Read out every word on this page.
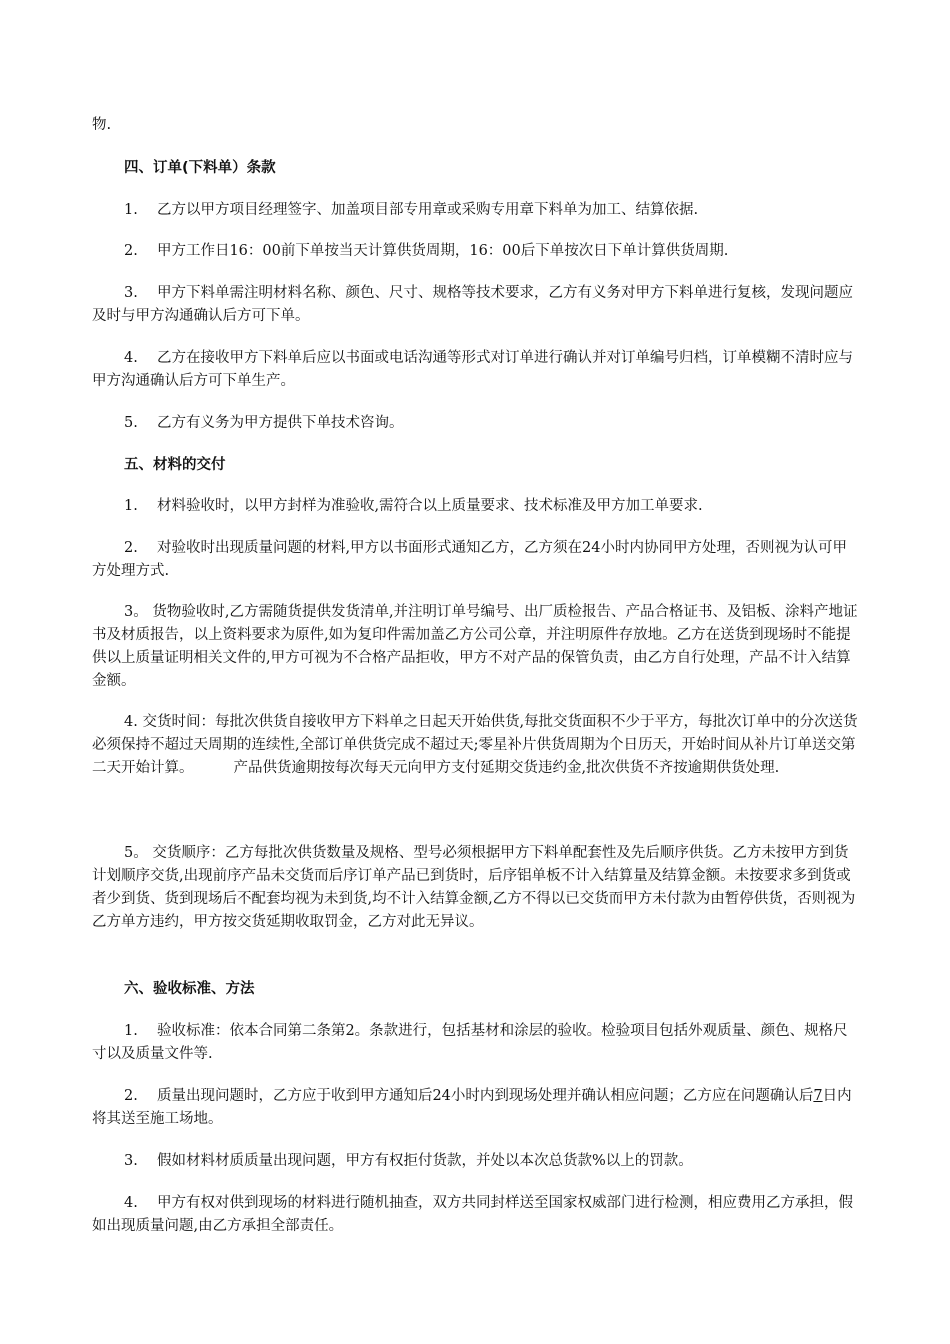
物.

四、订单(下料单）条款

1.　 乙方以甲方项目经理签字、加盖项目部专用章或采购专用章下料单为加工、结算依据.

2.　 甲方工作日16：00前下单按当天计算供货周期，16：00后下单按次日下单计算供货周期.

3.　 甲方下料单需注明材料名称、颜色、尺寸、规格等技术要求，乙方有义务对甲方下料单进行复核，发现问题应及时与甲方沟通确认后方可下单。

4.　 乙方在接收甲方下料单后应以书面或电话沟通等形式对订单进行确认并对订单编号归档，订单模糊不清时应与甲方沟通确认后方可下单生产。

5.　 乙方有义务为甲方提供下单技术咨询。

五、材料的交付

1.　 材料验收时，以甲方封样为准验收,需符合以上质量要求、技术标准及甲方加工单要求.

2.　 对验收时出现质量问题的材料,甲方以书面形式通知乙方，乙方须在24小时内协同甲方处理，否则视为认可甲方处理方式.

3。 货物验收时,乙方需随货提供发货清单,并注明订单号编号、出厂质检报告、产品合格证书、及铝板、涂料产地证书及材质报告，以上资料要求为原件,如为复印件需加盖乙方公司公章，并注明原件存放地。乙方在送货到现场时不能提供以上质量证明相关文件的,甲方可视为不合格产品拒收，甲方不对产品的保管负责，由乙方自行处理，产品不计入结算金额。

4. 交货时间：每批次供货自接收甲方下料单之日起天开始供货,每批交货面积不少于平方，每批次订单中的分次送货必须保持不超过天周期的连续性,全部订单供货完成不超过天;零星补片供货周期为个日历天，开始时间从补片订单送交第二天开始计算。	产品供货逾期按每次每天元向甲方支付延期交货违约金,批次供货不齐按逾期供货处理.

5。 交货顺序：乙方每批次供货数量及规格、型号必须根据甲方下料单配套性及先后顺序供货。乙方未按甲方到货计划顺序交货,出现前序产品未交货而后序订单产品已到货时，后序铝单板不计入结算量及结算金额。未按要求多到货或者少到货、货到现场后不配套均视为未到货,均不计入结算金额,乙方不得以已交货而甲方未付款为由暂停供货，否则视为乙方单方违约，甲方按交货延期收取罚金，乙方对此无异议。

六、验收标准、方法

1.　 验收标准：依本合同第二条第2。条款进行，包括基材和涂层的验收。检验项目包括外观质量、颜色、规格尺寸以及质量文件等.

2.　 质量出现问题时，乙方应于收到甲方通知后24小时内到现场处理并确认相应问题；乙方应在问题确认后7日内将其送至施工场地。

3.　 假如材料材质质量出现问题，甲方有权拒付货款，并处以本次总货款%以上的罚款。

4.　 甲方有权对供到现场的材料进行随机抽查，双方共同封样送至国家权威部门进行检测，相应费用乙方承担，假如出现质量问题,由乙方承担全部责任。
